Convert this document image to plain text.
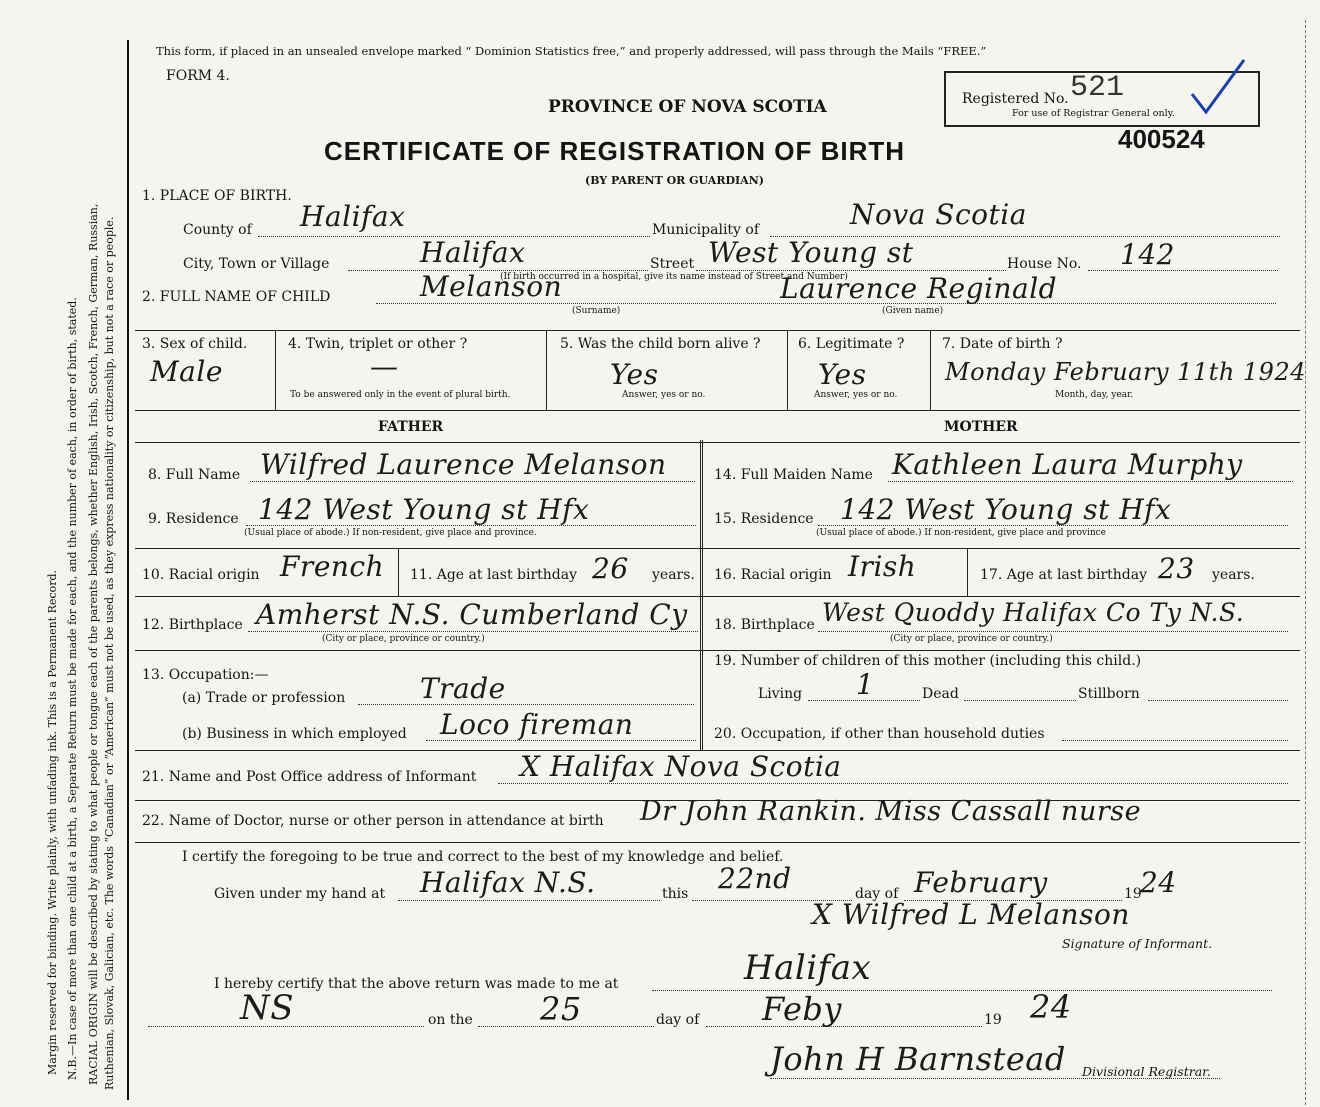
Margin reserved for binding. Write plainly, with unfading ink. This is a Permanent Record. N.B.—In case of more than one child at a birth, a Separate Return must be made for each, and the number of each, in order of birth, stated. RACIAL ORIGIN will be described by stating to what people or tongue each of the parents belongs, whether English, Irish, Scotch, French, German, Russian, Ruthenian, Slovak, Galician, etc. The words “Canadian” or “American” must not be used, as they express nationality or citizenship, but not a race or people.
This form, if placed in an unsealed envelope marked “ Dominion Statistics free,” and properly addressed, will pass through the Mails “FREE.”
FORM 4.
PROVINCE OF NOVA SCOTIA
CERTIFICATE OF REGISTRATION OF BIRTH
(BY PARENT OR GUARDIAN)
Registered No. 521
For use of Registrar General only.
400524
1. PLACE OF BIRTH.
County of Halifax	Municipality of	Nova Scotia
City, Town or Village	Halifax	Street West Young st	House No. 142
(If birth occurred in a hospital, give its name instead of Street and Number)
2. FULL NAME OF CHILD	Melanson	Laurence Reginald
(Surname)	(Given name)
3. Sex of child.
Male
4. Twin, triplet or other ?
—
To be answered only in the event of plural birth.
5. Was the child born alive ?
Yes
Answer, yes or no.
6. Legitimate ?
Yes
Answer, yes or no.
7. Date of birth ?
Monday February 11th 1924
Month, day, year.
FATHER	MOTHER
8. Full Name Wilfred Laurence Melanson
9. Residence 142 West Young st Hfx
(Usual place of abode.) If non-resident, give place and province.
10. Racial origin French 11. Age at last birthday 26 years.
12. Birthplace Amherst N.S. Cumberland Cy
(City or place, province or country.)
13. Occupation:—
(a) Trade or profession	Trade
(b) Business in which employed Loco fireman
14. Full Maiden Name Kathleen Laura Murphy
15. Residence 142 West Young st Hfx
(Usual place of abode.) If non-resident, give place and province
16. Racial origin Irish	17. Age at last birthday 23 years.
18. Birthplace West Quoddy Halifax Co Ty N.S.
(City or place, province or country.)
19. Number of children of this mother (including this child.)
Living 1	Dead	Stillborn
20. Occupation, if other than household duties
21. Name and Post Office address of Informant X Halifax Nova Scotia
22. Name of Doctor, nurse or other person in attendance at birth Dr John Rankin. Miss Cassall nurse
I certify the foregoing to be true and correct to the best of my knowledge and belief.
Given under my hand at Halifax N.S.	this 22nd	day of February	19
24
X Wilfred L Melanson
Signature of Informant.
I hereby certify that the above return was made to me at	Halifax
NS	on the 25	day of Feby	19 24
John H Barnstead Divisional Registrar.
